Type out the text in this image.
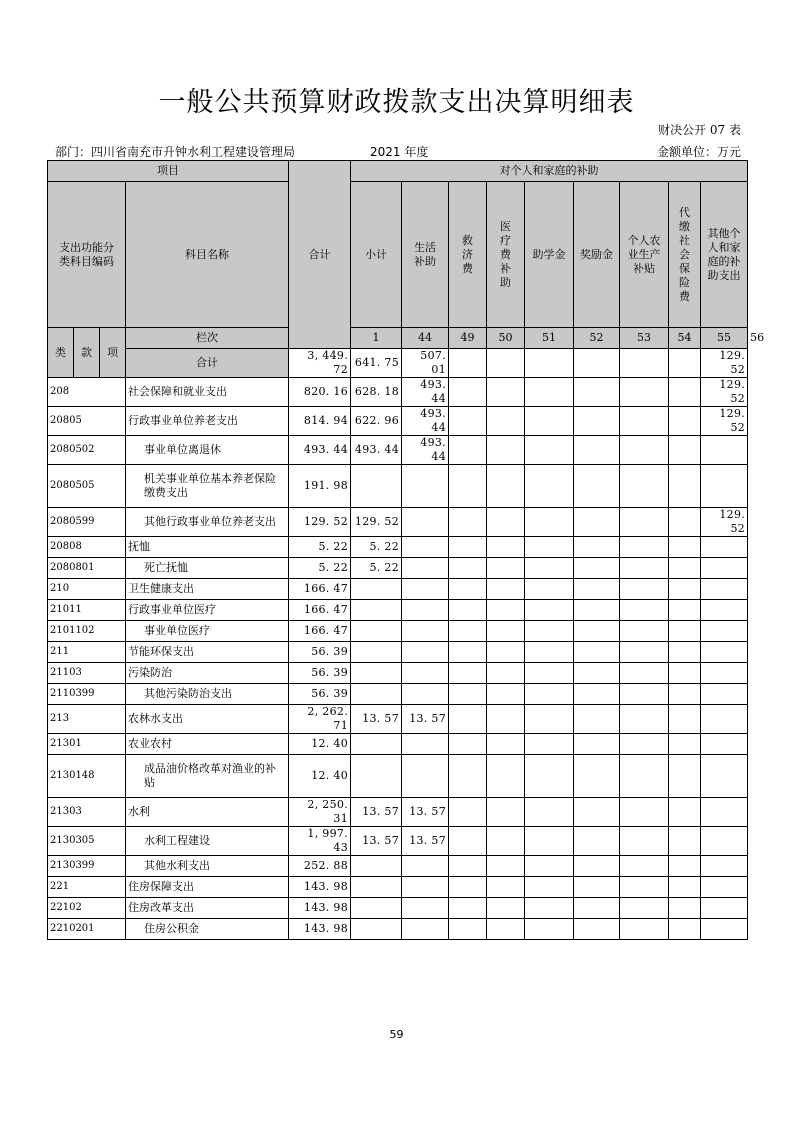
一般公共预算财政拨款支出决算明细表
财决公开 07 表
部门：四川省南充市升钟水利工程建设管理局	2021 年度	金额单位：万元
项目				合计	对个人和家庭的补助									
支出功能分类科目编码			科目名称		小计	生活补助	救济费	医疗费补助	助学金	奖励金	个人农业生产补贴	代缴社会保险费	其他个人和家庭的补助支出	
类	款	项	栏次		1	44	49	50	51	52	53	54	55	56
			合计	3, 449. 72	641. 75	507. 01							129. 52	
208			社会保障和就业支出	820. 16	628. 18	493. 44							129. 52	
20805			行政事业单位养老支出	814. 94	622. 96	493. 44							129. 52	
2080502			事业单位离退休	493. 44	493. 44	493. 44								
2080505			机关事业单位基本养老保险缴费支出	191. 98										
2080599			其他行政事业单位养老支出	129. 52	129. 52								129. 52	
20808			抚恤	5. 22	5. 22									
2080801			死亡抚恤	5. 22	5. 22									
210			卫生健康支出	166. 47										
21011			行政事业单位医疗	166. 47										
2101102			事业单位医疗	166. 47										
211			节能环保支出	56. 39										
21103			污染防治	56. 39										
2110399			其他污染防治支出	56. 39										
213			农林水支出	2, 262. 71	13. 57	13. 57								
21301			农业农村	12. 40										
2130148			成品油价格改革对渔业的补贴	12. 40										
21303			水利	2, 250. 31	13. 57	13. 57								
2130305			水利工程建设	1, 997. 43	13. 57	13. 57								
2130399			其他水利支出	252. 88										
221			住房保障支出	143. 98										
22102			住房改革支出	143. 98										
2210201			住房公积金	143. 98										
59
